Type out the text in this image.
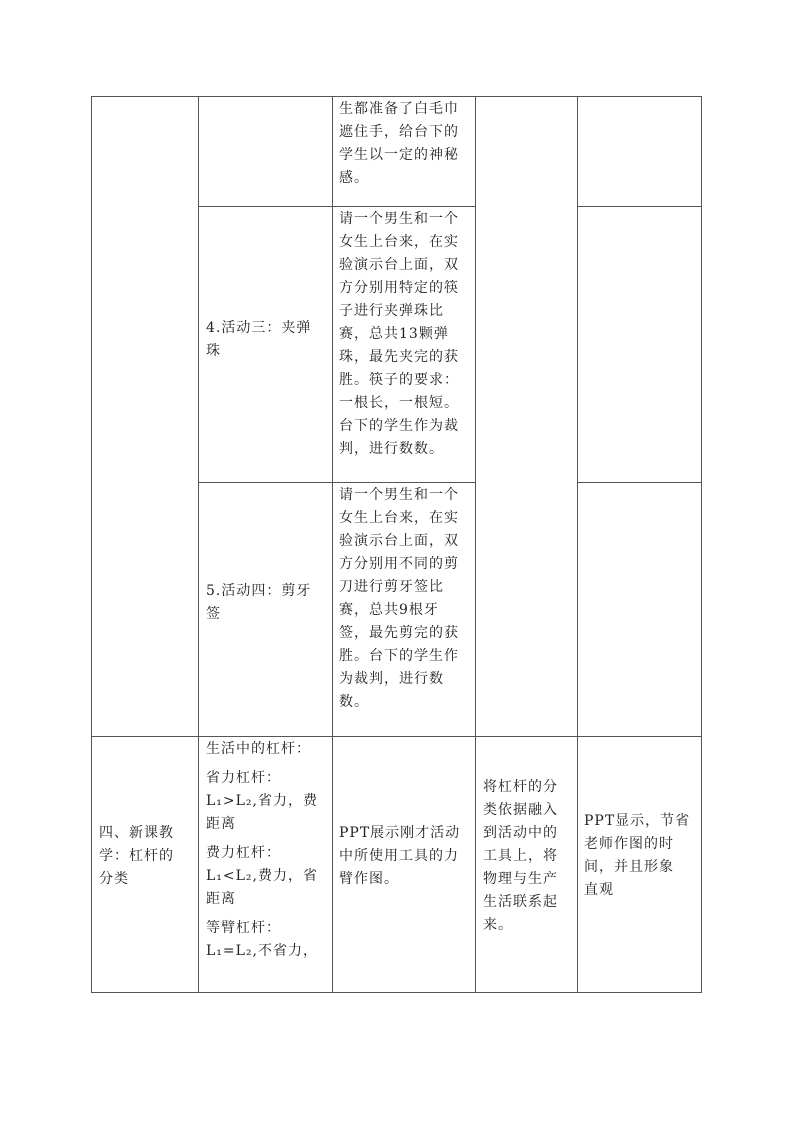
生都准备了白毛巾

遮住手，给台下的

学生以一定的神秘

感。

4.活动三：夹弹

珠

请一个男生和一个

女生上台来，在实

验演示台上面，双

方分别用特定的筷

子进行夹弹珠比

赛，总共13颗弹

珠，最先夹完的获

胜。筷子的要求：

一根长，一根短。

台下的学生作为裁

判，进行数数。

5.活动四：剪牙

签

请一个男生和一个

女生上台来，在实

验演示台上面，双

方分别用不同的剪

刀进行剪牙签比

赛，总共9根牙

签，最先剪完的获

胜。台下的学生作

为裁判，进行数

数。

四、新课教

学：杠杆的

分类

生活中的杠杆：

省力杠杆：

L₁>L₂,省力，费

距离

费力杠杆：

L₁<L₂,费力，省

距离

等臂杠杆：

L₁=L₂,不省力，

PPT展示刚才活动

中所使用工具的力

臂作图。

将杠杆的分

类依据融入

到活动中的

工具上，将

物理与生产

生活联系起

来。

PPT显示，节省

老师作图的时

间，并且形象

直观
